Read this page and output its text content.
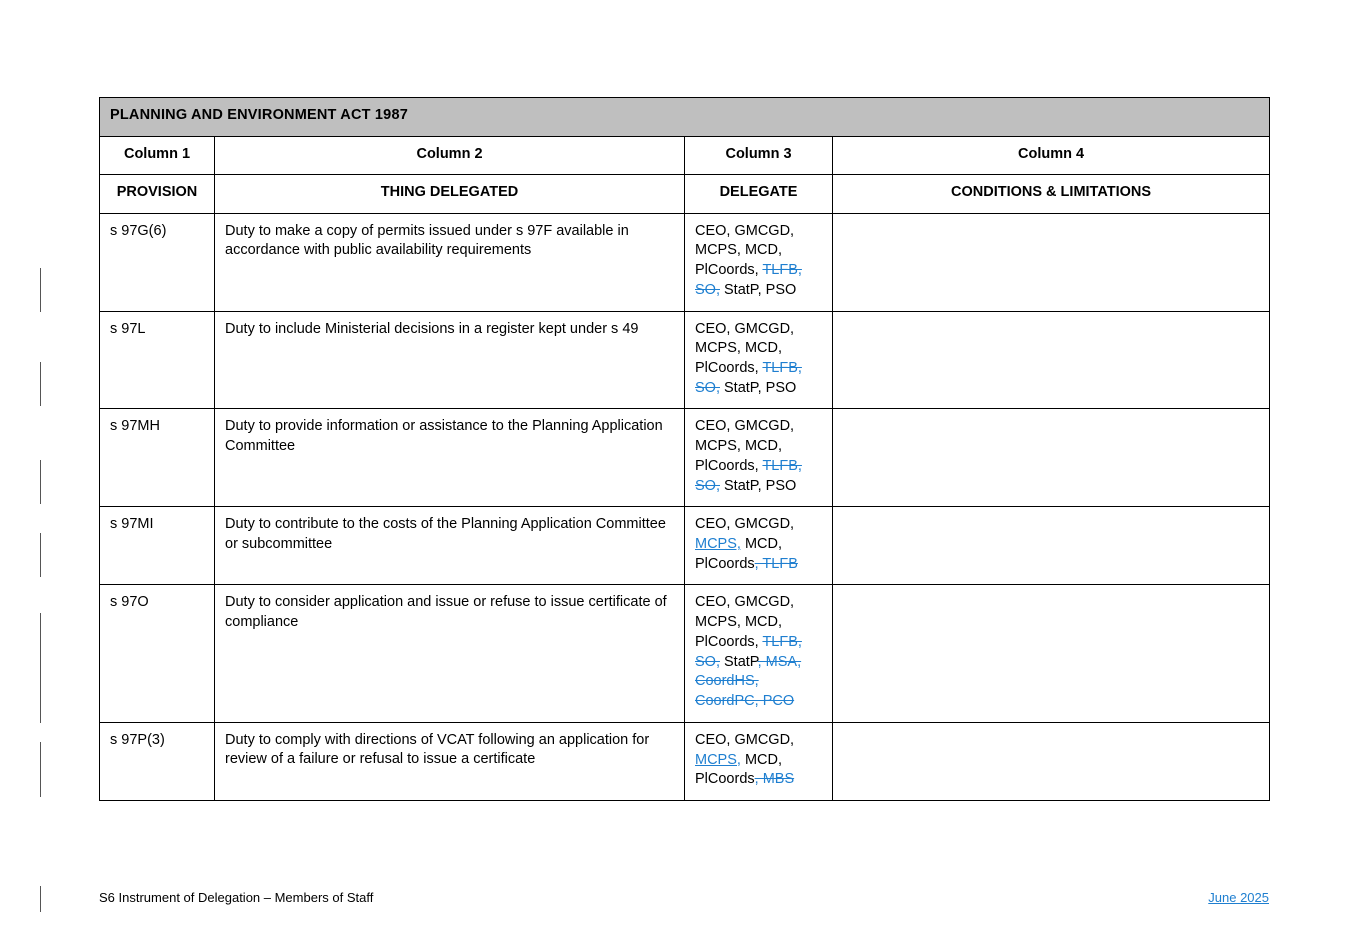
PLANNING AND ENVIRONMENT ACT 1987			
Column 1	Column 2	Column 3	Column 4
PROVISION	THING DELEGATED	DELEGATE	CONDITIONS & LIMITATIONS
s 97G(6)	Duty to make a copy of permits issued under s 97F available in accordance with public availability requirements	CEO, GMCGD, MCPS, MCD, PlCoords, TLFB, SO, StatP, PSO	
s 97L	Duty to include Ministerial decisions in a register kept under s 49	CEO, GMCGD, MCPS, MCD, PlCoords, TLFB, SO, StatP, PSO	
s 97MH	Duty to provide information or assistance to the Planning Application Committee	CEO, GMCGD, MCPS, MCD, PlCoords, TLFB, SO, StatP, PSO	
s 97MI	Duty to contribute to the costs of the Planning Application Committee or subcommittee	CEO, GMCGD, MCPS, MCD, PlCoords, TLFB	
s 97O	Duty to consider application and issue or refuse to issue certificate of compliance	CEO, GMCGD, MCPS, MCD, PlCoords, TLFB, SO, StatP, MSA, CoordHS, CoordPC, PCO	
s 97P(3)	Duty to comply with directions of VCAT following an application for review of a failure or refusal to issue a certificate	CEO, GMCGD, MCPS, MCD, PlCoords, MBS	
S6 Instrument of Delegation – Members of Staff	June 2025
